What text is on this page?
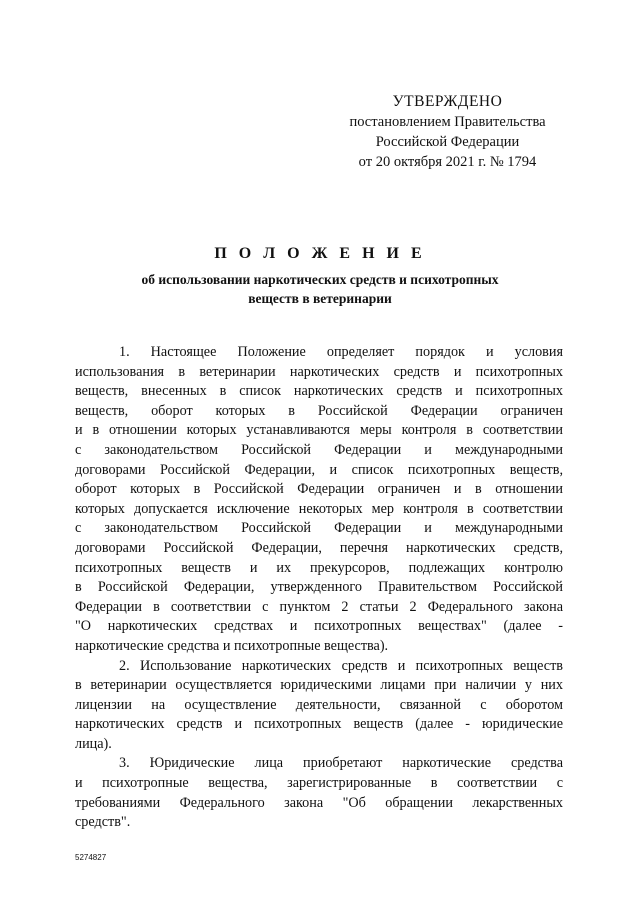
УТВЕРЖДЕНО
постановлением Правительства
Российской Федерации
от 20 октября 2021 г. № 1794
П О Л О Ж Е Н И Е
об использовании наркотических средств и психотропных
веществ в ветеринарии
1. Настоящее Положение определяет порядок и условия
использования в ветеринарии наркотических средств и психотропных
веществ, внесенных в список наркотических средств и психотропных
веществ, оборот которых в Российской Федерации ограничен
и в отношении которых устанавливаются меры контроля в соответствии
с законодательством Российской Федерации и международными
договорами Российской Федерации, и список психотропных веществ,
оборот которых в Российской Федерации ограничен и в отношении
которых допускается исключение некоторых мер контроля в соответствии
с законодательством Российской Федерации и международными
договорами Российской Федерации, перечня наркотических средств,
психотропных веществ и их прекурсоров, подлежащих контролю
в Российской Федерации, утвержденного Правительством Российской
Федерации в соответствии с пунктом 2 статьи 2 Федерального закона
"О наркотических средствах и психотропных веществах" (далее -
наркотические средства и психотропные вещества).
2. Использование наркотических средств и психотропных веществ
в ветеринарии осуществляется юридическими лицами при наличии у них
лицензии на осуществление деятельности, связанной с оборотом
наркотических средств и психотропных веществ (далее - юридические
лица).
3. Юридические лица приобретают наркотические средства
и психотропные вещества, зарегистрированные в соответствии с
требованиями Федерального закона "Об обращении лекарственных
средств".
5274827
